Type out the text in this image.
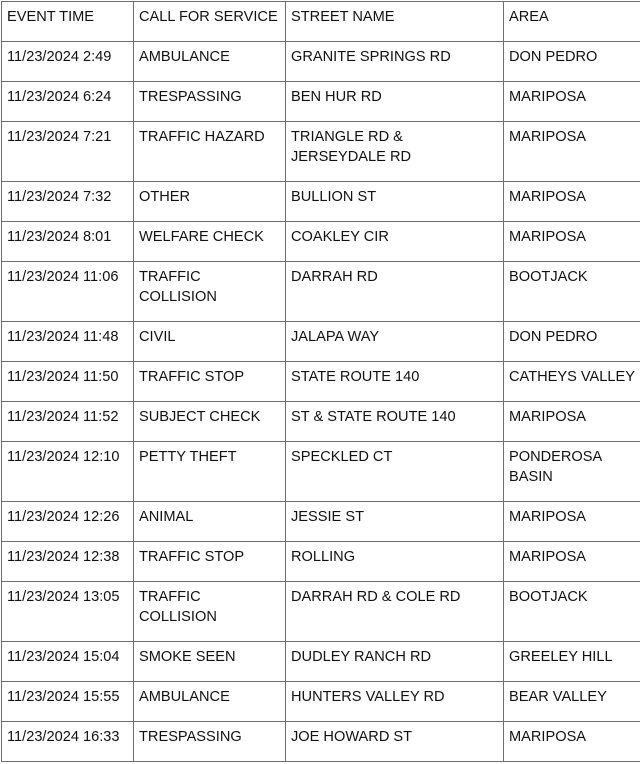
EVENT TIME	CALL FOR SERVICE	STREET NAME	AREA
11/23/2024 2:49	AMBULANCE	GRANITE SPRINGS RD	DON PEDRO
11/23/2024 6:24	TRESPASSING	BEN HUR RD	MARIPOSA
11/23/2024 7:21	TRAFFIC HAZARD	TRIANGLE RD & JERSEYDALE RD	MARIPOSA
11/23/2024 7:32	OTHER	BULLION ST	MARIPOSA
11/23/2024 8:01	WELFARE CHECK	COAKLEY CIR	MARIPOSA
11/23/2024 11:06	TRAFFIC COLLISION	DARRAH RD	BOOTJACK
11/23/2024 11:48	CIVIL	JALAPA WAY	DON PEDRO
11/23/2024 11:50	TRAFFIC STOP	STATE ROUTE 140	CATHEYS VALLEY
11/23/2024 11:52	SUBJECT CHECK	ST & STATE ROUTE 140	MARIPOSA
11/23/2024 12:10	PETTY THEFT	SPECKLED CT	PONDEROSA BASIN
11/23/2024 12:26	ANIMAL	JESSIE ST	MARIPOSA
11/23/2024 12:38	TRAFFIC STOP	ROLLING	MARIPOSA
11/23/2024 13:05	TRAFFIC COLLISION	DARRAH RD & COLE RD	BOOTJACK
11/23/2024 15:04	SMOKE SEEN	DUDLEY RANCH RD	GREELEY HILL
11/23/2024 15:55	AMBULANCE	HUNTERS VALLEY RD	BEAR VALLEY
11/23/2024 16:33	TRESPASSING	JOE HOWARD ST	MARIPOSA
